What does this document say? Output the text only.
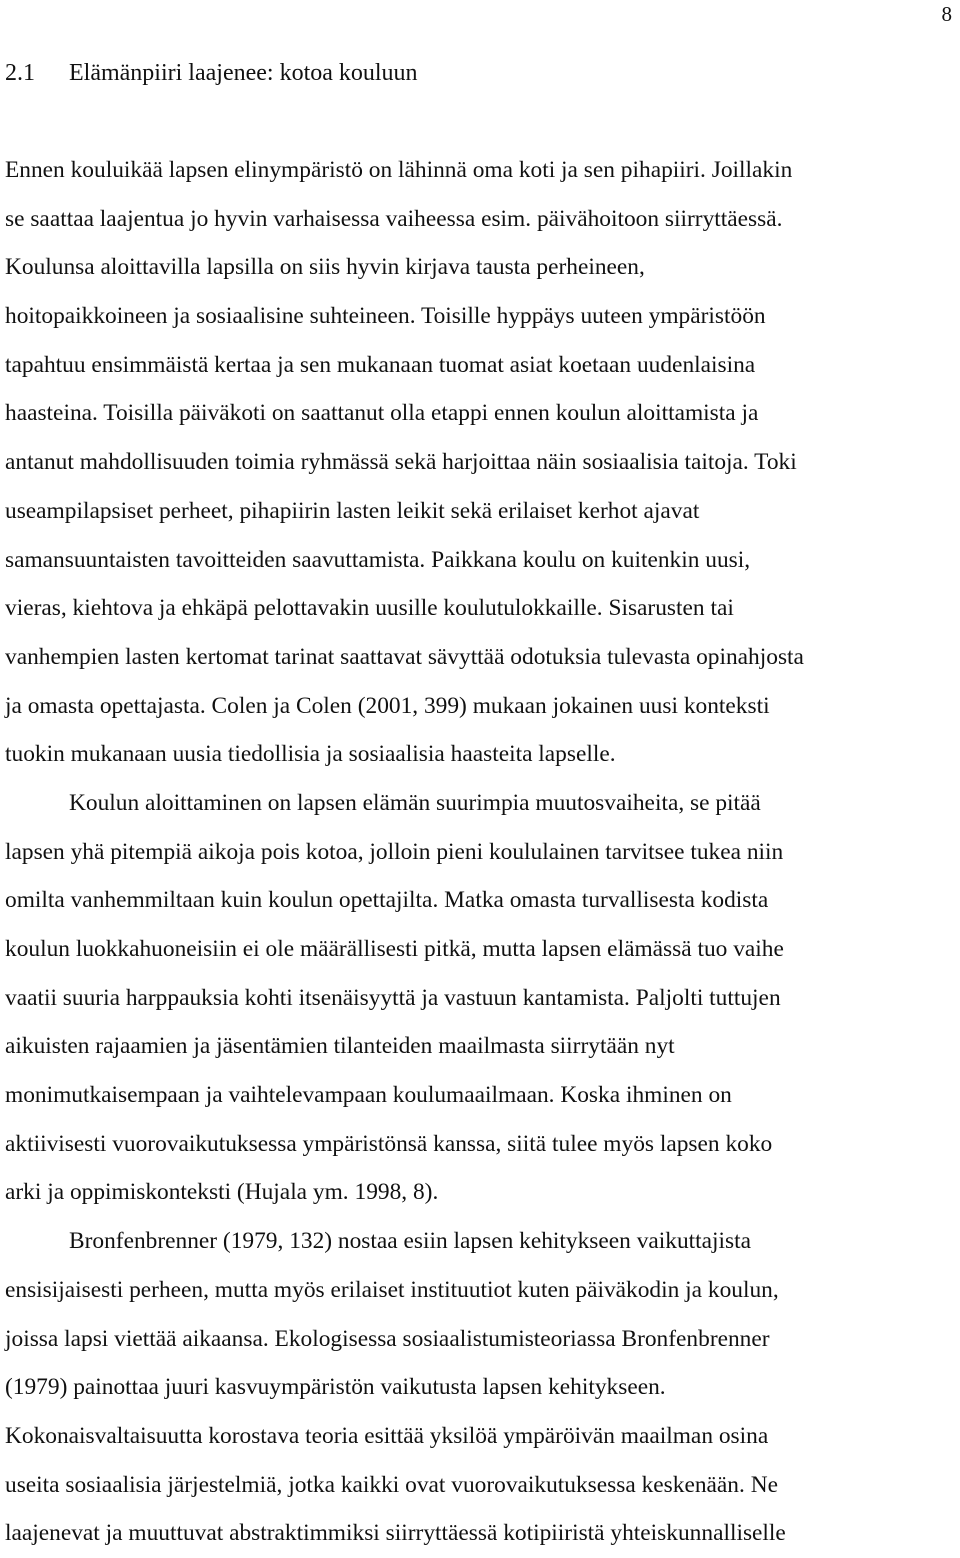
8
2.1 Elämänpiiri laajenee: kotoa kouluun
Ennen kouluikää lapsen elinympäristö on lähinnä oma koti ja sen pihapiiri. Joillakin
se saattaa laajentua jo hyvin varhaisessa vaiheessa esim. päivähoitoon siirryttäessä.
Koulunsa aloittavilla lapsilla on siis hyvin kirjava tausta perheineen,
hoitopaikkoineen ja sosiaalisine suhteineen. Toisille hyppäys uuteen ympäristöön
tapahtuu ensimmäistä kertaa ja sen mukanaan tuomat asiat koetaan uudenlaisina
haasteina. Toisilla päiväkoti on saattanut olla etappi ennen koulun aloittamista ja
antanut mahdollisuuden toimia ryhmässä sekä harjoittaa näin sosiaalisia taitoja. Toki
useampilapsiset perheet, pihapiirin lasten leikit sekä erilaiset kerhot ajavat
samansuuntaisten tavoitteiden saavuttamista. Paikkana koulu on kuitenkin uusi,
vieras, kiehtova ja ehkäpä pelottavakin uusille koulutulokkaille. Sisarusten tai
vanhempien lasten kertomat tarinat saattavat sävyttää odotuksia tulevasta opinahjosta
ja omasta opettajasta. Colen ja Colen (2001, 399) mukaan jokainen uusi konteksti
tuokin mukanaan uusia tiedollisia ja sosiaalisia haasteita lapselle.
Koulun aloittaminen on lapsen elämän suurimpia muutosvaiheita, se pitää
lapsen yhä pitempiä aikoja pois kotoa, jolloin pieni koululainen tarvitsee tukea niin
omilta vanhemmiltaan kuin koulun opettajilta. Matka omasta turvallisesta kodista
koulun luokkahuoneisiin ei ole määrällisesti pitkä, mutta lapsen elämässä tuo vaihe
vaatii suuria harppauksia kohti itsenäisyyttä ja vastuun kantamista. Paljolti tuttujen
aikuisten rajaamien ja jäsentämien tilanteiden maailmasta siirrytään nyt
monimutkaisempaan ja vaihtelevampaan koulumaailmaan. Koska ihminen on
aktiivisesti vuorovaikutuksessa ympäristönsä kanssa, siitä tulee myös lapsen koko
arki ja oppimiskonteksti (Hujala ym. 1998, 8).
Bronfenbrenner (1979, 132) nostaa esiin lapsen kehitykseen vaikuttajista
ensisijaisesti perheen, mutta myös erilaiset instituutiot kuten päiväkodin ja koulun,
joissa lapsi viettää aikaansa. Ekologisessa sosiaalistumisteoriassa Bronfenbrenner
(1979) painottaa juuri kasvuympäristön vaikutusta lapsen kehitykseen.
Kokonaisvaltaisuutta korostava teoria esittää yksilöä ympäröivän maailman osina
useita sosiaalisia järjestelmiä, jotka kaikki ovat vuorovaikutuksessa keskenään. Ne
laajenevat ja muuttuvat abstraktimmiksi siirryttäessä kotipiiristä yhteiskunnalliselle
